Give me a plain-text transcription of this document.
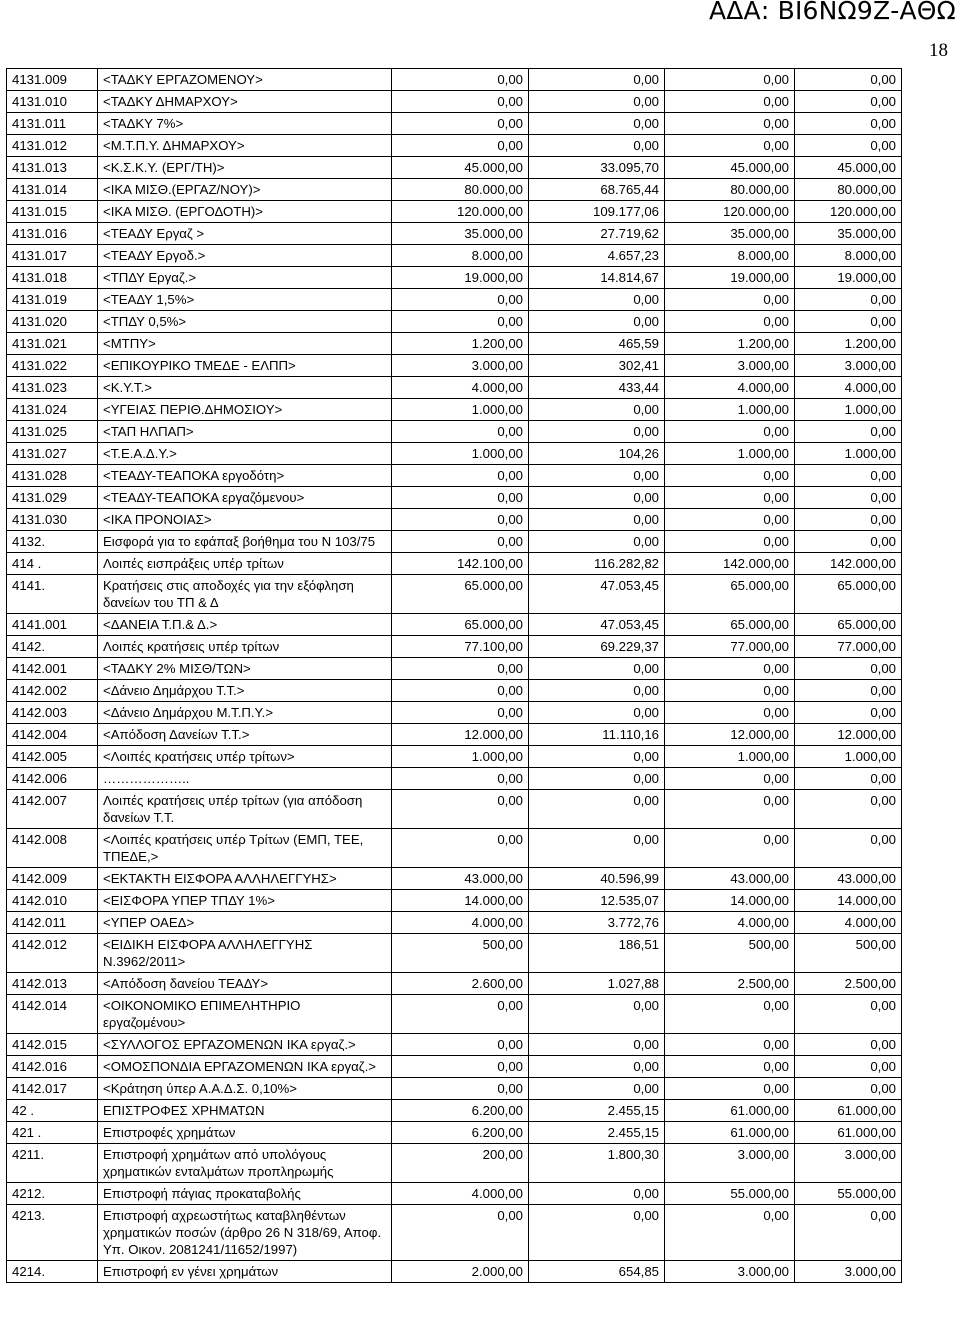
ΑΔΑ: ΒΙ6ΝΩ9Ζ-ΑΘΩ
18
4131.009	<ΤΑΔΚΥ ΕΡΓΑΖΟΜΕΝΟΥ>	0,00	0,00	0,00	0,00
4131.010	<ΤΑΔΚΥ ΔΗΜΑΡΧΟΥ>	0,00	0,00	0,00	0,00
4131.011	<ΤΑΔΚΥ 7%>	0,00	0,00	0,00	0,00
4131.012	<Μ.Τ.Π.Υ. ΔΗΜΑΡΧΟΥ>	0,00	0,00	0,00	0,00
4131.013	<Κ.Σ.Κ.Υ. (ΕΡΓ/ΤΗ)>	45.000,00	33.095,70	45.000,00	45.000,00
4131.014	<ΙΚΑ ΜΙΣΘ.(ΕΡΓΑΖ/ΝΟΥ)>	80.000,00	68.765,44	80.000,00	80.000,00
4131.015	<ΙΚΑ ΜΙΣΘ. (ΕΡΓΟΔΟΤΗ)>	120.000,00	109.177,06	120.000,00	120.000,00
4131.016	<ΤΕΑΔΥ Εργαζ >	35.000,00	27.719,62	35.000,00	35.000,00
4131.017	<ΤΕΑΔΥ Εργοδ.>	8.000,00	4.657,23	8.000,00	8.000,00
4131.018	<ΤΠΔΥ Εργαζ.>	19.000,00	14.814,67	19.000,00	19.000,00
4131.019	<ΤΕΑΔΥ 1,5%>	0,00	0,00	0,00	0,00
4131.020	<ΤΠΔΥ 0,5%>	0,00	0,00	0,00	0,00
4131.021	<ΜΤΠΥ>	1.200,00	465,59	1.200,00	1.200,00
4131.022	<ΕΠΙΚΟΥΡΙΚΟ ΤΜΕΔΕ - ΕΛΠΠ>	3.000,00	302,41	3.000,00	3.000,00
4131.023	<Κ.Υ.Τ.>	4.000,00	433,44	4.000,00	4.000,00
4131.024	<ΥΓΕΙΑΣ ΠΕΡΙΘ.ΔΗΜΟΣΙΟΥ>	1.000,00	0,00	1.000,00	1.000,00
4131.025	<ΤΑΠ ΗΛΠΑΠ>	0,00	0,00	0,00	0,00
4131.027	<Τ.Ε.Α.Δ.Υ.>	1.000,00	104,26	1.000,00	1.000,00
4131.028	<ΤΕΑΔΥ-ΤΕΑΠΟΚΑ εργοδότη>	0,00	0,00	0,00	0,00
4131.029	<ΤΕΑΔΥ-ΤΕΑΠΟΚΑ εργαζόμενου>	0,00	0,00	0,00	0,00
4131.030	<ΙΚΑ ΠΡΟΝΟΙΑΣ>	0,00	0,00	0,00	0,00
4132.	Εισφορά για το εφάπαξ βοήθημα του Ν 103/75	0,00	0,00	0,00	0,00
414 .	Λοιπές εισπράξεις υπέρ τρίτων	142.100,00	116.282,82	142.000,00	142.000,00
4141.	Κρατήσεις στις αποδοχές για την εξόφληση δανείων του ΤΠ & Δ	65.000,00	47.053,45	65.000,00	65.000,00
4141.001	<ΔΑΝΕΙΑ Τ.Π.& Δ.>	65.000,00	47.053,45	65.000,00	65.000,00
4142.	Λοιπές κρατήσεις υπέρ τρίτων	77.100,00	69.229,37	77.000,00	77.000,00
4142.001	<ΤΑΔΚΥ 2% ΜΙΣΘ/ΤΩΝ>	0,00	0,00	0,00	0,00
4142.002	<Δάνειο Δημάρχου Τ.Τ.>	0,00	0,00	0,00	0,00
4142.003	<Δάνειο Δημάρχου Μ.Τ.Π.Υ.>	0,00	0,00	0,00	0,00
4142.004	<Απόδοση Δανείων Τ.Τ.>	12.000,00	11.110,16	12.000,00	12.000,00
4142.005	<Λοιπές κρατήσεις υπέρ τρίτων>	1.000,00	0,00	1.000,00	1.000,00
4142.006	………………..	0,00	0,00	0,00	0,00
4142.007	Λοιπές κρατήσεις υπέρ τρίτων (για απόδοση δανείων Τ.Τ.	0,00	0,00	0,00	0,00
4142.008	<Λοιπές κρατήσεις υπέρ Τρίτων (ΕΜΠ, ΤΕΕ, ΤΠΕΔΕ,>	0,00	0,00	0,00	0,00
4142.009	<ΕΚΤΑΚΤΗ ΕΙΣΦΟΡΑ ΑΛΛΗΛΕΓΓΥΗΣ>	43.000,00	40.596,99	43.000,00	43.000,00
4142.010	<ΕΙΣΦΟΡΑ ΥΠΕΡ ΤΠΔΥ 1%>	14.000,00	12.535,07	14.000,00	14.000,00
4142.011	<ΥΠΕΡ ΟΑΕΔ>	4.000,00	3.772,76	4.000,00	4.000,00
4142.012	<ΕΙΔΙΚΗ ΕΙΣΦΟΡΑ ΑΛΛΗΛΕΓΓΥΗΣ Ν.3962/2011>	500,00	186,51	500,00	500,00
4142.013	<Απόδοση δανείου ΤΕΑΔΥ>	2.600,00	1.027,88	2.500,00	2.500,00
4142.014	<ΟΙΚΟΝΟΜΙΚΟ ΕΠΙΜΕΛΗΤΗΡΙΟ εργαζομένου>	0,00	0,00	0,00	0,00
4142.015	<ΣΥΛΛΟΓΟΣ ΕΡΓΑΖΟΜΕΝΩΝ ΙΚΑ εργαζ.>	0,00	0,00	0,00	0,00
4142.016	<ΟΜΟΣΠΟΝΔΙΑ ΕΡΓΑΖΟΜΕΝΩΝ ΙΚΑ εργαζ.>	0,00	0,00	0,00	0,00
4142.017	<Κράτηση ύπερ Α.Α.Δ.Σ. 0,10%>	0,00	0,00	0,00	0,00
42 .	ΕΠΙΣΤΡΟΦΕΣ ΧΡΗΜΑΤΩΝ	6.200,00	2.455,15	61.000,00	61.000,00
421 .	Επιστροφές χρημάτων	6.200,00	2.455,15	61.000,00	61.000,00
4211.	Επιστροφή χρημάτων από υπολόγους χρηματικών ενταλμάτων προπληρωμής	200,00	1.800,30	3.000,00	3.000,00
4212.	Επιστροφή πάγιας προκαταβολής	4.000,00	0,00	55.000,00	55.000,00
4213.	Επιστροφή αχρεωστήτως καταβληθέντων χρηματικών ποσών (άρθρο 26 Ν 318/69, Αποφ. Υπ. Οικον. 2081241/11652/1997)	0,00	0,00	0,00	0,00
4214.	Επιστροφή εν γένει χρημάτων	2.000,00	654,85	3.000,00	3.000,00
